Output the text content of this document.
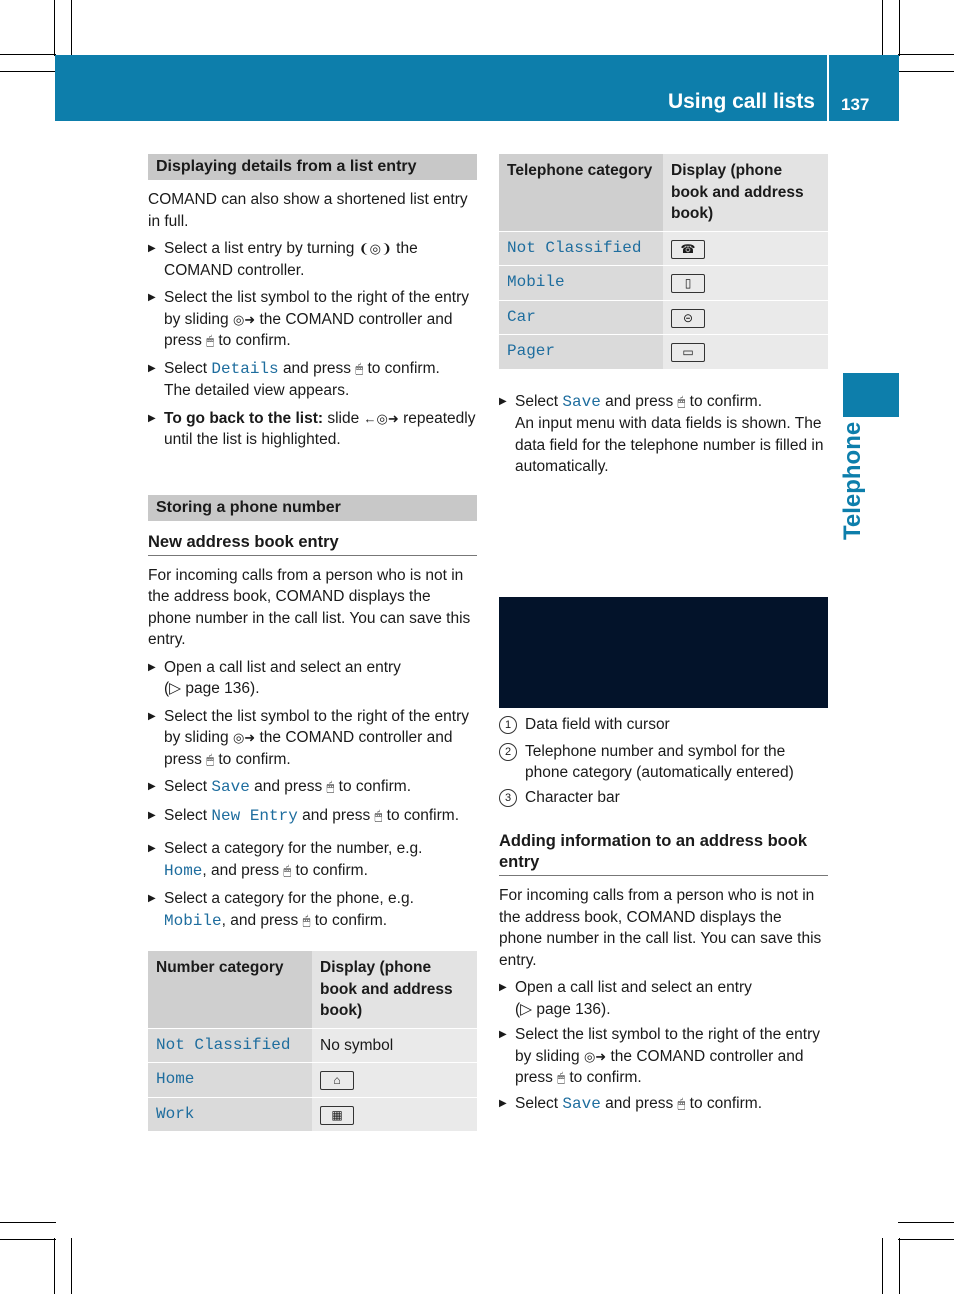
Using call lists 137
Telephone
Displaying details from a list entry

COMAND can also show a shortened list entry in full.

▶ Select a list entry by turning ❨◎❩ the COMAND controller.
▶ Select the list symbol to the right of the entry by sliding ◎➜ the COMAND controller and press 🖱 to confirm.
▶ Select Details and press 🖱 to confirm.
The detailed view appears.
▶ To go back to the list: slide ←◎➜ repeatedly until the list is highlighted.
Storing a phone number
New address book entry

For incoming calls from a person who is not in the address book, COMAND displays the phone number in the call list. You can save this entry.

▶ Open a call list and select an entry
(▷ page 136).
▶ Select the list symbol to the right of the entry by sliding ◎➜ the COMAND controller and press 🖱 to confirm.
▶ Select Save and press 🖱 to confirm.
▶ Select New Entry and press 🖱 to confirm.
▶ Select a category for the number, e.g.
Home, and press 🖱 to confirm.
▶ Select a category for the phone, e.g.
Mobile, and press 🖱 to confirm.
Number category	Display (phone book and address book)
Not Classified	No symbol
Home	⌂
Work	▦
Telephone category	Display (phone book and address book)
Not Classified	☎
Mobile	▯
Car	⊝
Pager	▭
▶ Select Save and press 🖱 to confirm.
An input menu with data fields is shown. The data field for the telephone number is filled in automatically.
1 Data field with cursor
2 Telephone number and symbol for the phone category (automatically entered)
3 Character bar
Adding information to an address book entry

For incoming calls from a person who is not in the address book, COMAND displays the phone number in the call list. You can save this entry.

▶ Open a call list and select an entry
(▷ page 136).
▶ Select the list symbol to the right of the entry by sliding ◎➜ the COMAND controller and press 🖱 to confirm.
▶ Select Save and press 🖱 to confirm.
